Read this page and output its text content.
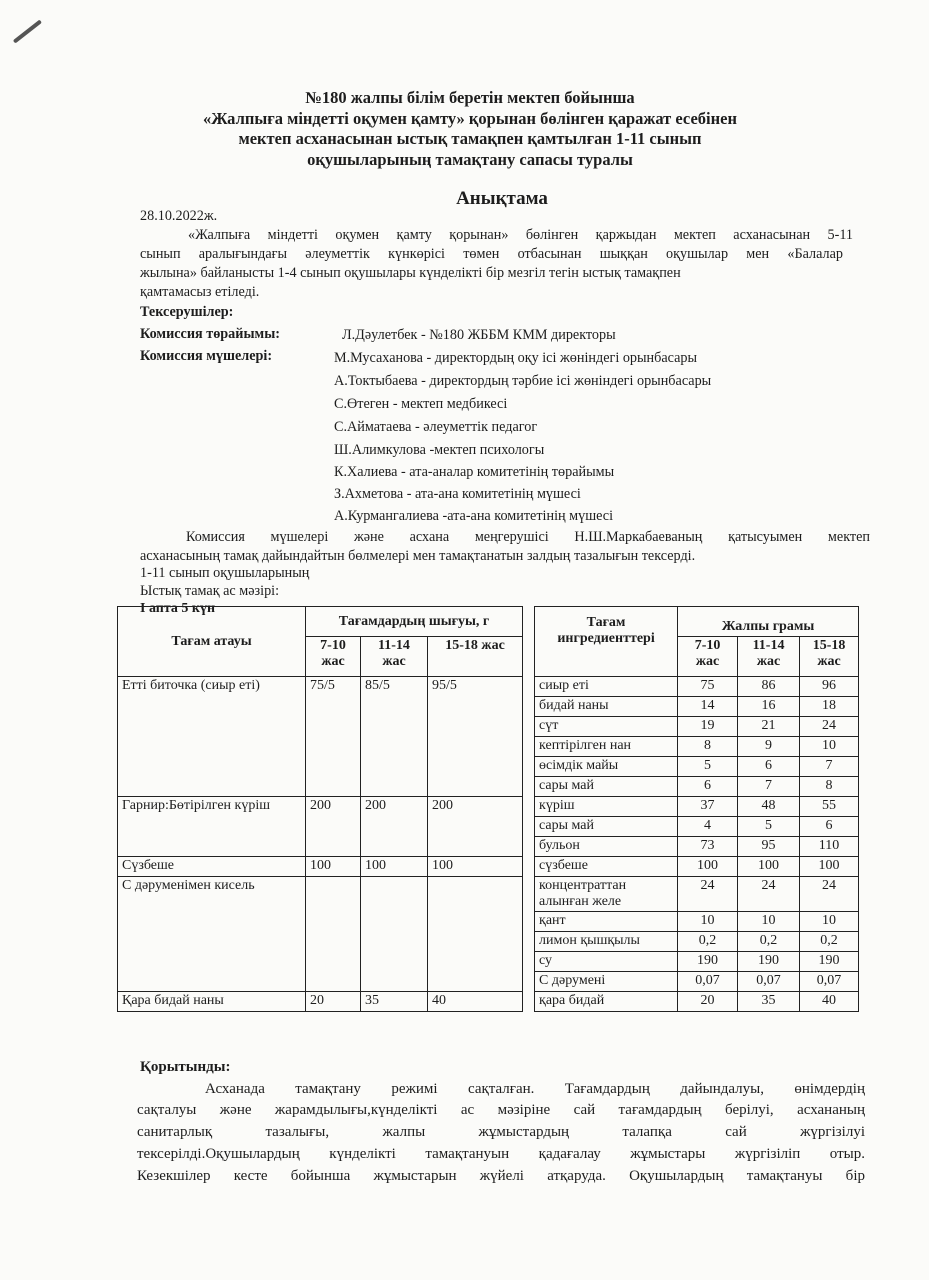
№180 жалпы білім беретін мектеп бойынша
«Жалпыға міндетті оқумен қамту» қорынан бөлінген қаражат есебінен
мектеп асханасынан ыстық тамақпен қамтылған 1-11 сынып
оқушыларының тамақтану сапасы туралы
Анықтама
28.10.2022ж.
«Жалпыға міндетті оқумен қамту қорынан» бөлінген қаржыдан мектеп асханасынан 5-11
сынып аралығындағы әлеуметтік күнкөрісі төмен отбасынан шыққан оқушылар мен «Балалар
жылына» байланысты 1-4 сынып оқушылары күнделікті бір мезгіл тегін ыстық тамақпен
қамтамасыз етіледі.
Тексерушілер:
Комиссия төрайымы:	Л.Дәулетбек - №180 ЖББМ КММ директоры
Комиссия мүшелері:	М.Мусаханова - директордың оқу ісі жөніндегі орынбасары
А.Токтыбаева - директордың тәрбие ісі жөніндегі орынбасары
С.Өтеген - мектеп медбикесі
С.Айматаева - әлеуметтік педагог
Ш.Алимкулова -мектеп психологы
К.Халиева - ата-аналар комитетінің төрайымы
З.Ахметова - ата-ана комитетінің мүшесі
А.Курмангалиева -ата-ана комитетінің мүшесі
Комиссия мүшелері және асхана меңгерушісі Н.Ш.Маркабаеваның қатысуымен мектеп
асханасының тамақ дайындайтын бөлмелері мен тамақтанатын залдың тазалығын тексерді.
1-11 сынып оқушыларының
Ыстық тамақ ас мәзірі:
I апта 5 күн
Тағам атауы	Тағамдардың шығуы, г				Тағам ингредиенттері	Жалпы грамы		
	7-10 жас	11-14 жас	15-18 жас			7-10 жас	11-14 жас	15-18 жас
Етті биточка (сиыр еті)	75/5	85/5	95/5		сиыр еті	75	86	96
					бидай наны	14	16	18
					сүт	19	21	24
					кептірілген нан	8	9	10
					өсімдік майы	5	6	7
					сары май	6	7	8
Гарнир:Бөтірілген күріш	200	200	200		күріш	37	48	55
					сары май	4	5	6
					бульон	73	95	110
Сүзбеше	100	100	100		сүзбеше	100	100	100
С дәруменімен кисель					концентраттан алынған желе	24	24	24
					қант	10	10	10
					лимон қышқылы	0,2	0,2	0,2
					су	190	190	190
					С дәрумені	0,07	0,07	0,07
Қара бидай наны	20	35	40		қара бидай	20	35	40
Қорытынды:
Асханада тамақтану режимі сақталған. Тағамдардың дайындалуы, өнімдердің
сақталуы және жарамдылығы,күнделікті ас мәзіріне сай тағамдардың берілуі, асхананың
санитарлық тазалығы, жалпы жұмыстардың талапқа сай жүргізілуі
тексерілді.Оқушылардың күнделікті тамақтануын қадағалау жұмыстары жүргізіліп отыр.
Кезекшілер кесте бойынша жұмыстарын жүйелі атқаруда. Оқушылардың тамақтануы бір
